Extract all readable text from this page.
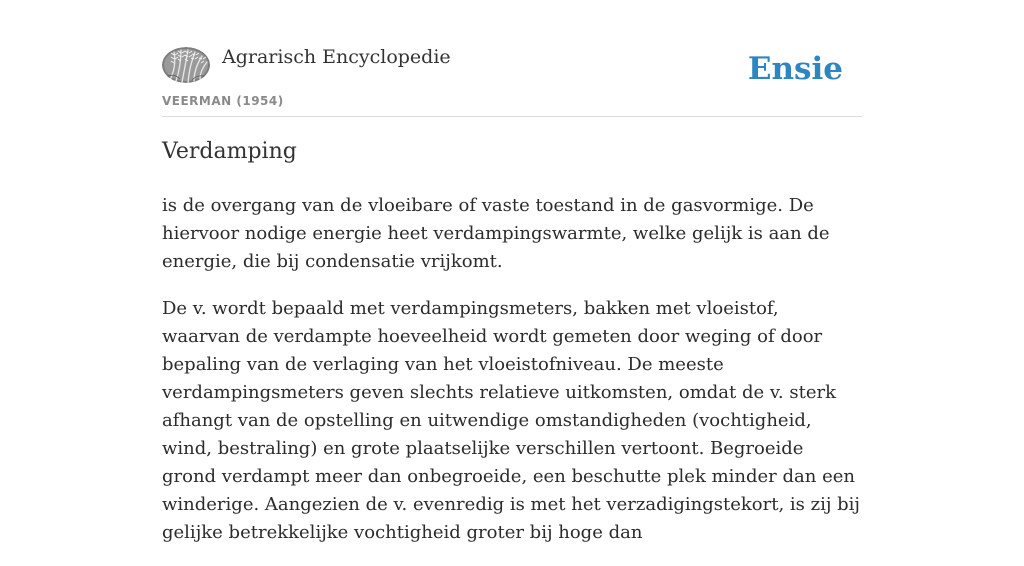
Agrarisch Encyclopedie
VEERMAN (1954)
Ensie
Verdamping

is de overgang van de vloeibare of vaste toestand in de gasvormige. De hiervoor nodige energie heet verdampingswarmte, welke gelijk is aan de energie, die bij condensatie vrijkomt.

De v. wordt bepaald met verdampingsmeters, bakken met vloeistof, waarvan de verdampte hoeveelheid wordt gemeten door weging of door bepaling van de verlaging van het vloeistofniveau. De meeste verdampingsmeters geven slechts relatieve uitkomsten, omdat de v. sterk afhangt van de opstelling en uitwendige omstandigheden (vochtigheid, wind, bestraling) en grote plaatselijke verschillen vertoont. Begroeide grond verdampt meer dan onbegroeide, een beschutte plek minder dan een winderige. Aangezien de v. evenredig is met het verzadigingstekort, is zij bij gelijke betrekkelijke vochtigheid groter bij hoge dan
